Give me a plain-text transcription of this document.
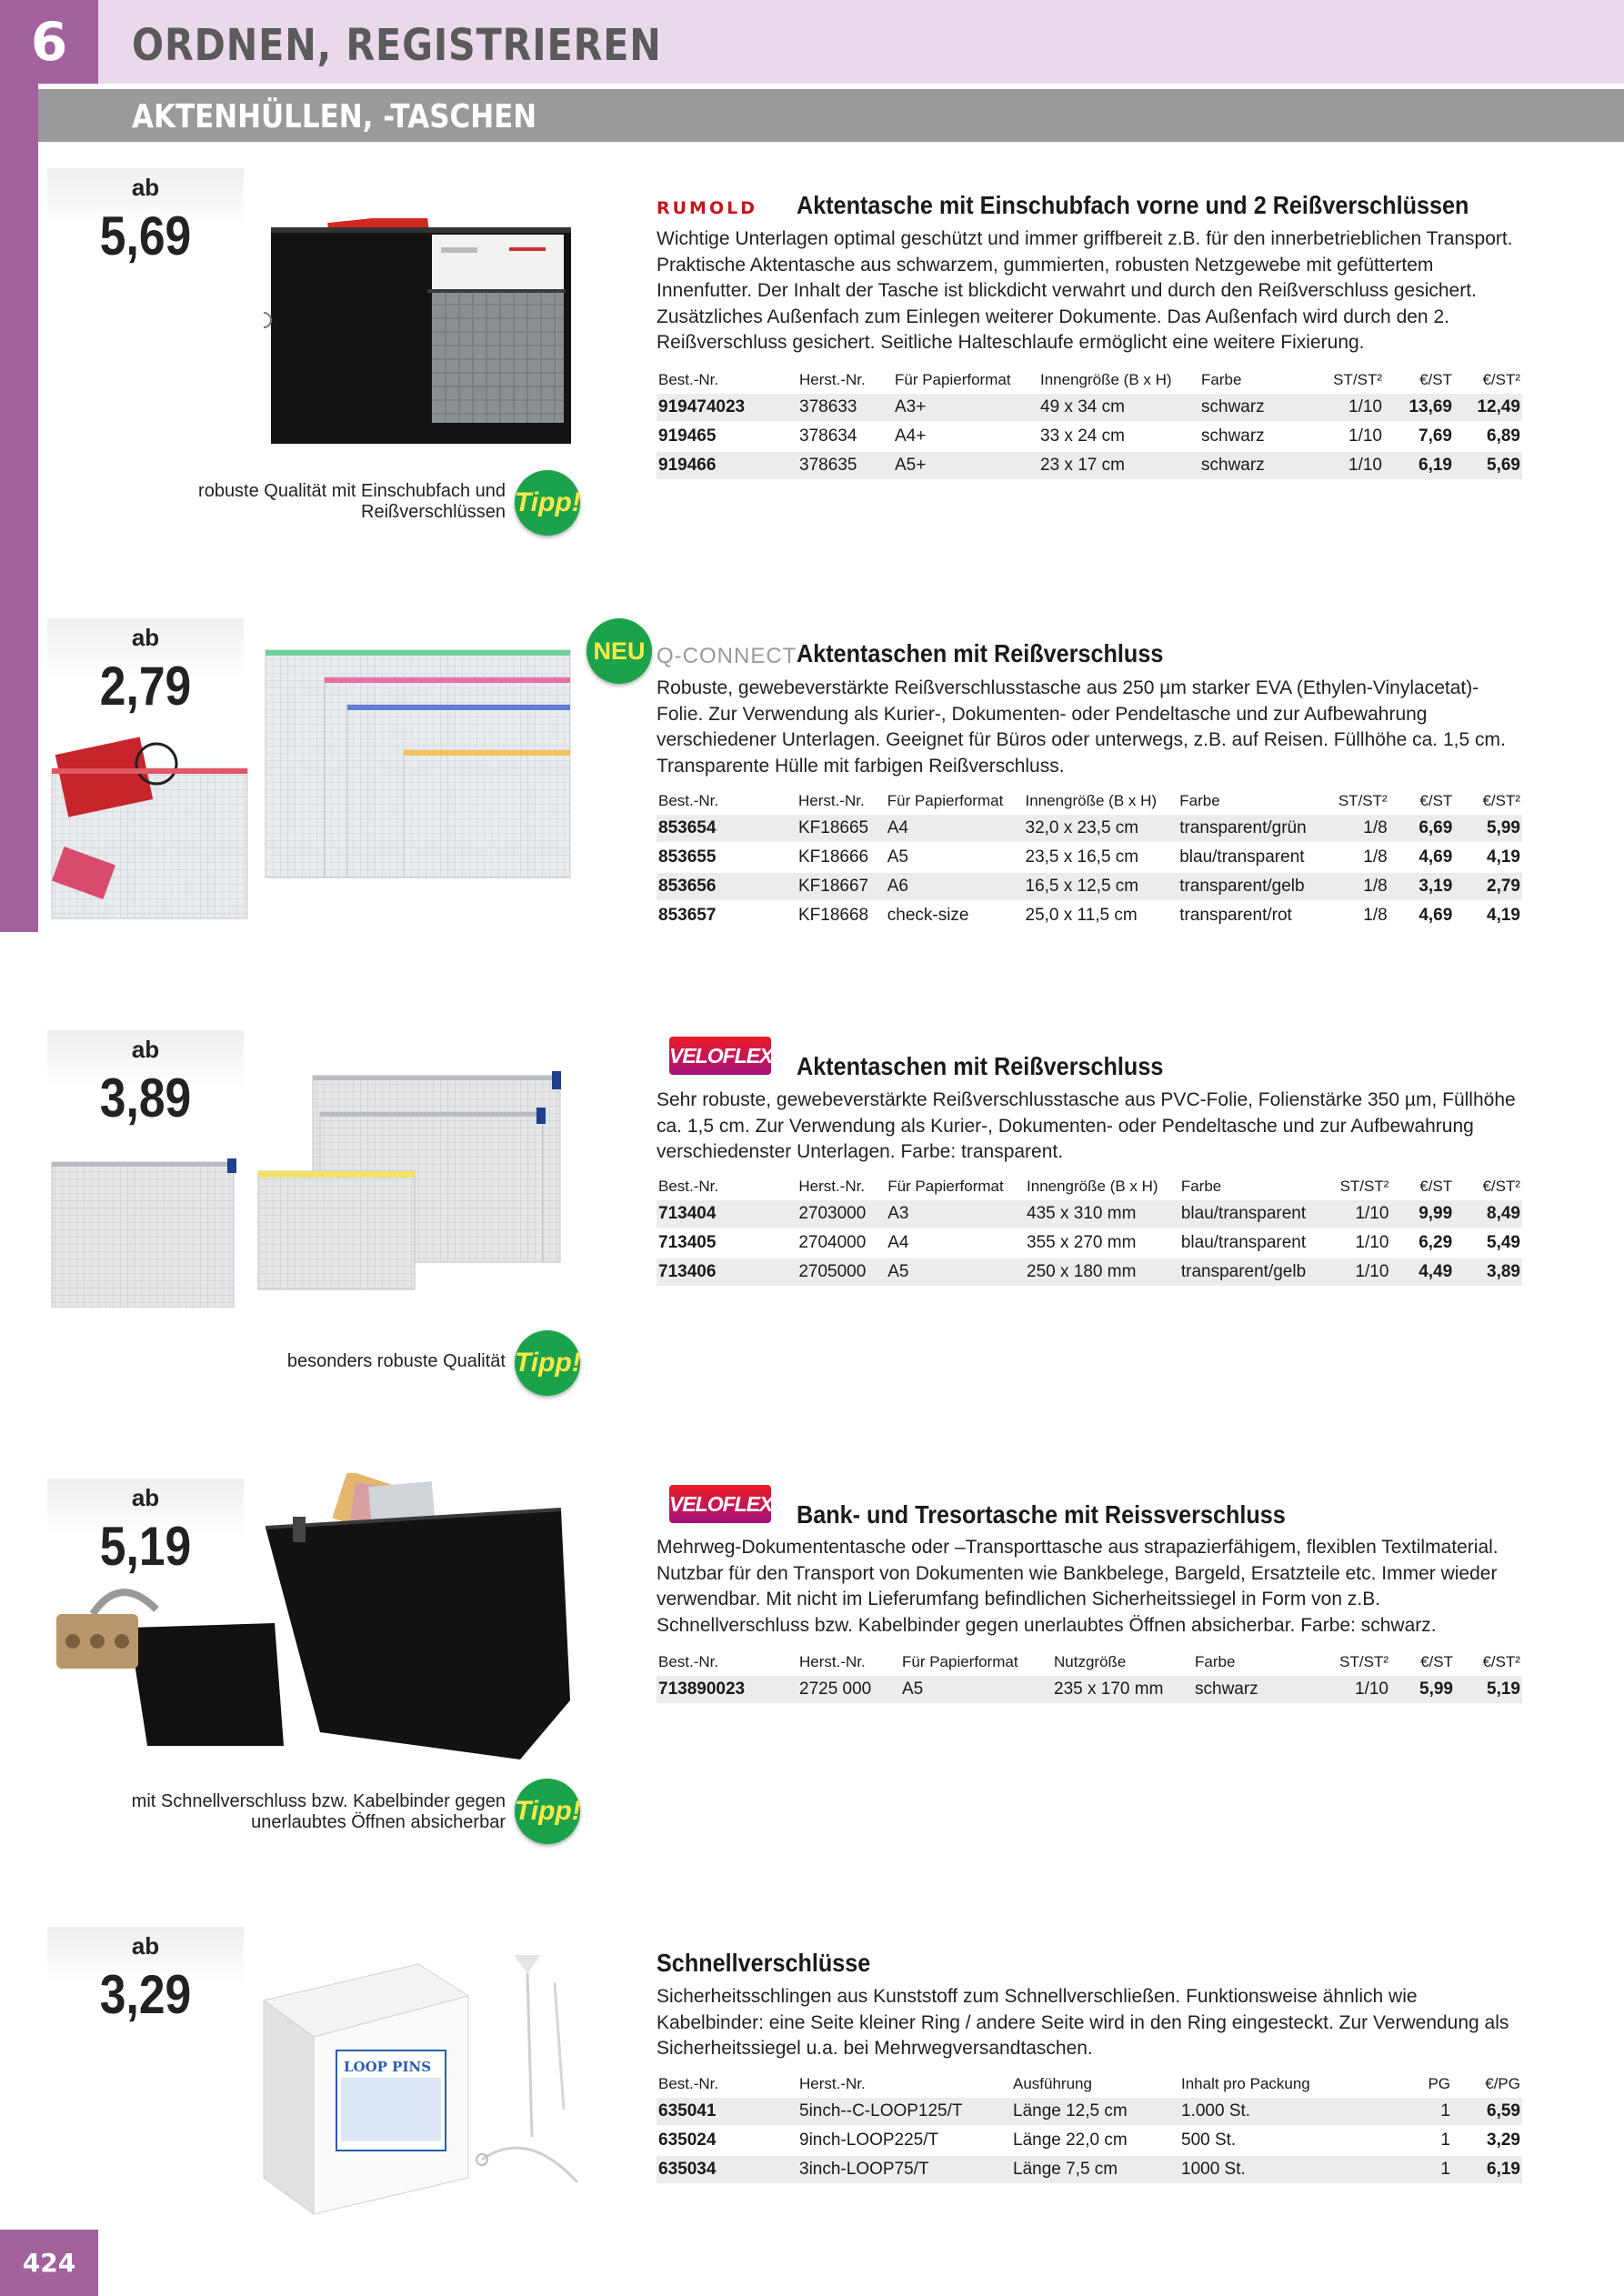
6	ORDNEN, REGISTRIEREN
AKTENHÜLLEN, -TASCHEN
ab
5,69
robuste Qualität mit Einschubfach und
Reißverschlüssen Tipp!
RUMOLD Aktentasche mit Einschubfach vorne und 2 Reißverschlüssen
Wichtige Unterlagen optimal geschützt und immer griffbereit z.B. für den innerbetrieblichen Transport. Praktische Aktentasche aus schwarzem, gummierten, robusten Netzgewebe mit gefüttertem Innenfutter. Der Inhalt der Tasche ist blickdicht verwahrt und durch den Reißverschluss gesichert. Zusätzliches Außenfach zum Einlegen weiterer Dokumente. Das Außenfach wird durch den 2. Reißverschluss gesichert. Seitliche Halteschlaufe ermöglicht eine weitere Fixierung.
Best.-Nr.	Herst.-Nr.	Für Papierformat	Innengröße (B x H)	Farbe	ST/ST²	€/ST	€/ST²
919474023	378633	A3+	49 x 34 cm	schwarz	1/10	13,69	12,49
919465	378634	A4+	33 x 24 cm	schwarz	1/10	7,69	6,89
919466	378635	A5+	23 x 17 cm	schwarz	1/10	6,19	5,69
ab
2,79
NEU Q-CONNECT Aktentaschen mit Reißverschluss
Robuste, gewebeverstärkte Reißverschlusstasche aus 250 µm starker EVA (Ethylen-Vinylacetat)-Folie. Zur Verwendung als Kurier-, Dokumenten- oder Pendeltasche und zur Aufbewahrung verschiedener Unterlagen. Geeignet für Büros oder unterwegs, z.B. auf Reisen. Füllhöhe ca. 1,5 cm. Transparente Hülle mit farbigen Reißverschluss.
Best.-Nr.	Herst.-Nr.	Für Papierformat	Innengröße (B x H)	Farbe	ST/ST²	€/ST	€/ST²
853654	KF18665	A4	32,0 x 23,5 cm	transparent/grün	1/8	6,69	5,99
853655	KF18666	A5	23,5 x 16,5 cm	blau/transparent	1/8	4,69	4,19
853656	KF18667	A6	16,5 x 12,5 cm	transparent/gelb	1/8	3,19	2,79
853657	KF18668	check-size	25,0 x 11,5 cm	transparent/rot	1/8	4,69	4,19
ab
3,89
besonders robuste Qualität Tipp!
VELOFLEX Aktentaschen mit Reißverschluss
Sehr robuste, gewebeverstärkte Reißverschlusstasche aus PVC-Folie, Folienstärke 350 µm, Füllhöhe ca. 1,5 cm. Zur Verwendung als Kurier-, Dokumenten- oder Pendeltasche und zur Aufbewahrung verschiedenster Unterlagen. Farbe: transparent.
Best.-Nr.	Herst.-Nr.	Für Papierformat	Innengröße (B x H)	Farbe	ST/ST²	€/ST	€/ST²
713404	2703000	A3	435 x 310 mm	blau/transparent	1/10	9,99	8,49
713405	2704000	A4	355 x 270 mm	blau/transparent	1/10	6,29	5,49
713406	2705000	A5	250 x 180 mm	transparent/gelb	1/10	4,49	3,89
ab
5,19
mit Schnellverschluss bzw. Kabelbinder gegen
unerlaubtes Öffnen absicherbar Tipp!
VELOFLEX Bank- und Tresortasche mit Reissverschluss
Mehrweg-Dokumententasche oder –Transporttasche aus strapazierfähigem, flexiblen Textilmaterial. Nutzbar für den Transport von Dokumenten wie Bankbelege, Bargeld, Ersatzteile etc. Immer wieder verwendbar. Mit nicht im Lieferumfang befindlichen Sicherheitssiegel in Form von z.B. Schnellverschluss bzw. Kabelbinder gegen unerlaubtes Öffnen absicherbar. Farbe: schwarz.
Best.-Nr.	Herst.-Nr.	Für Papierformat	Nutzgröße	Farbe	ST/ST²	€/ST	€/ST²
713890023	2725 000	A5	235 x 170 mm	schwarz	1/10	5,99	5,19
ab
3,29
LOOP PINS
Schnellverschlüsse
Sicherheitsschlingen aus Kunststoff zum Schnellverschließen. Funktionsweise ähnlich wie Kabelbinder: eine Seite kleiner Ring / andere Seite wird in den Ring eingesteckt. Zur Verwendung als Sicherheitssiegel u.a. bei Mehrwegversandtaschen.
Best.-Nr.	Herst.-Nr.	Ausführung	Inhalt pro Packung	PG	€/PG
635041	5inch--C-LOOP125/T	Länge 12,5 cm	1.000 St.	1	6,59
635024	9inch-LOOP225/T	Länge 22,0 cm	500 St.	1	3,29
635034	3inch-LOOP75/T	Länge 7,5 cm	1000 St.	1	6,19
424
